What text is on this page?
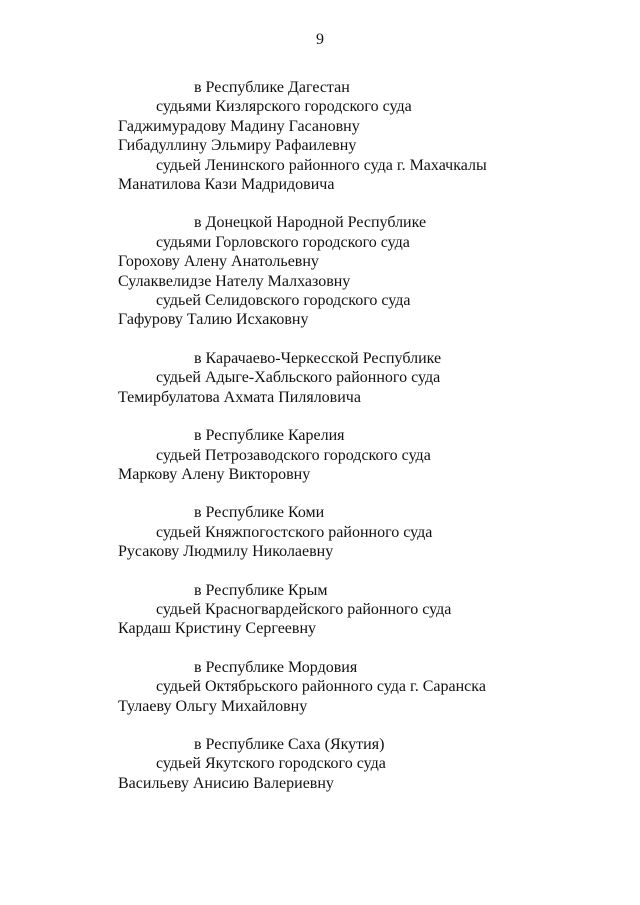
9
в Республике Дагестан
судьями Кизлярского городского суда
Гаджимурадову Мадину Гасановну
Гибадуллину Эльмиру Рафаилевну
судьей Ленинского районного суда г. Махачкалы
Манатилова Кази Мадридовича
в Донецкой Народной Республике
судьями Горловского городского суда
Горохову Алену Анатольевну
Сулаквелидзе Нателу Малхазовну
судьей Селидовского городского суда
Гафурову Талию Исхаковну
в Карачаево-Черкесской Республике
судьей Адыге-Хабльского районного суда
Темирбулатова Ахмата Пиляловича
в Республике Карелия
судьей Петрозаводского городского суда
Маркову Алену Викторовну
в Республике Коми
судьей Княжпогостского районного суда
Русакову Людмилу Николаевну
в Республике Крым
судьей Красногвардейского районного суда
Кардаш Кристину Сергеевну
в Республике Мордовия
судьей Октябрьского районного суда г. Саранска
Тулаеву Ольгу Михайловну
в Республике Саха (Якутия)
судьей Якутского городского суда
Васильеву Анисию Валериевну
